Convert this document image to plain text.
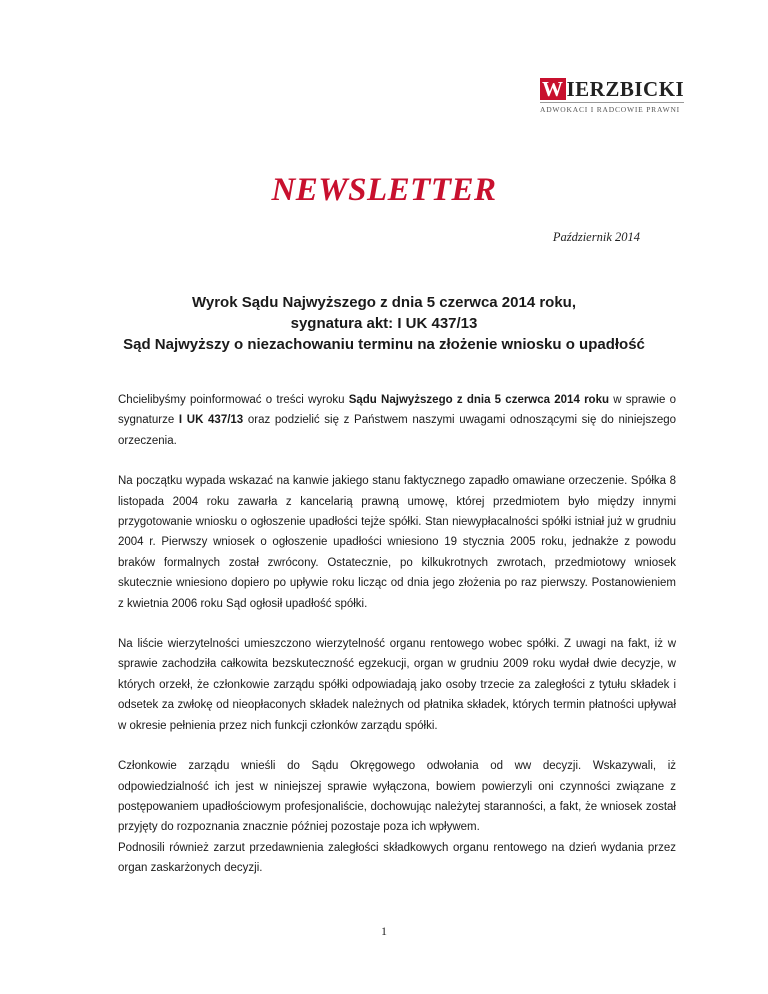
W IERZBICKI
ADWOKACI I RADCOWIE PRAWNI
NEWSLETTER
Październik 2014
Wyrok Sądu Najwyższego z dnia 5 czerwca 2014 roku,
sygnatura akt: I UK 437/13
Sąd Najwyższy o niezachowaniu terminu na złożenie wniosku o upadłość

Chcielibyśmy poinformować o treści wyroku Sądu Najwyższego z dnia 5 czerwca 2014 roku w sprawie o sygnaturze I UK 437/13 oraz podzielić się z Państwem naszymi uwagami odnoszącymi się do niniejszego orzeczenia.

Na początku wypada wskazać na kanwie jakiego stanu faktycznego zapadło omawiane orzeczenie. Spółka 8 listopada 2004 roku zawarła z kancelarią prawną umowę, której przedmiotem było między innymi przygotowanie wniosku o ogłoszenie upadłości tejże spółki. Stan niewypłacalności spółki istniał już w grudniu 2004 r. Pierwszy wniosek o ogłoszenie upadłości wniesiono 19 stycznia 2005 roku, jednakże z powodu braków formalnych został zwrócony. Ostatecznie, po kilkukrotnych zwrotach, przedmiotowy wniosek skutecznie wniesiono dopiero po upływie roku licząc od dnia jego złożenia po raz pierwszy. Postanowieniem z kwietnia 2006 roku Sąd ogłosił upadłość spółki.

Na liście wierzytelności umieszczono wierzytelność organu rentowego wobec spółki. Z uwagi na fakt, iż w sprawie zachodziła całkowita bezskuteczność egzekucji, organ w grudniu 2009 roku wydał dwie decyzje, w których orzekł, że członkowie zarządu spółki odpowiadają jako osoby trzecie za zaległości z tytułu składek i odsetek za zwłokę od nieopłaconych składek należnych od płatnika składek, których termin płatności upływał w okresie pełnienia przez nich funkcji członków zarządu spółki.

Członkowie zarządu wnieśli do Sądu Okręgowego odwołania od ww decyzji. Wskazywali, iż odpowiedzialność ich jest w niniejszej sprawie wyłączona, bowiem powierzyli oni czynności związane z postępowaniem upadłościowym profesjonaliście, dochowując należytej staranności, a fakt, że wniosek został przyjęty do rozpoznania znacznie później pozostaje poza ich wpływem.
Podnosili również zarzut przedawnienia zaległości składkowych organu rentowego na dzień wydania przez organ zaskarżonych decyzji.

1
